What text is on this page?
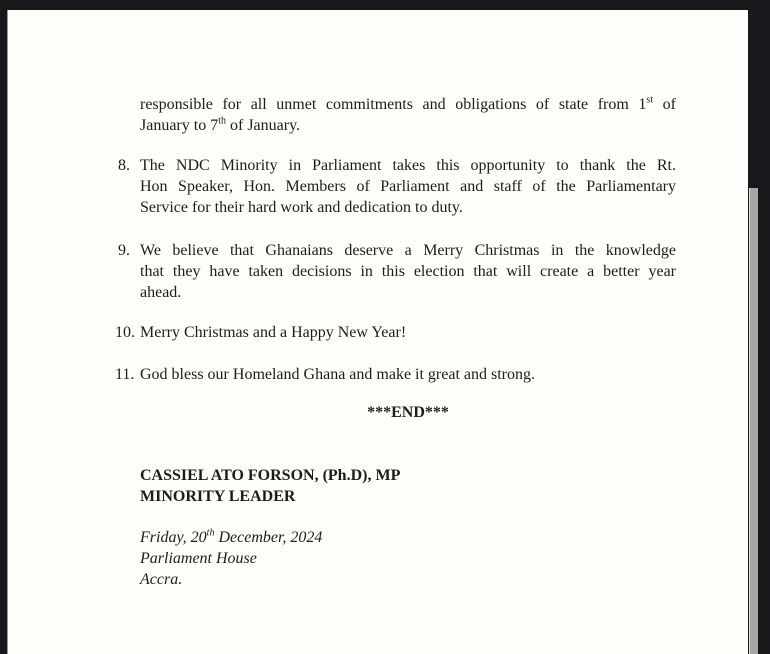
responsible for all unmet commitments and obligations of state from 1st of
January to 7th of January.
8. The NDC Minority in Parliament takes this opportunity to thank the Rt.
Hon Speaker, Hon. Members of Parliament and staff of the Parliamentary
Service for their hard work and dedication to duty.
9. We believe that Ghanaians deserve a Merry Christmas in the knowledge
that they have taken decisions in this election that will create a better year
ahead.
10. Merry Christmas and a Happy New Year!
11. God bless our Homeland Ghana and make it great and strong.
***END***
CASSIEL ATO FORSON, (Ph.D), MP
MINORITY LEADER
Friday, 20th December, 2024
Parliament House
Accra.
